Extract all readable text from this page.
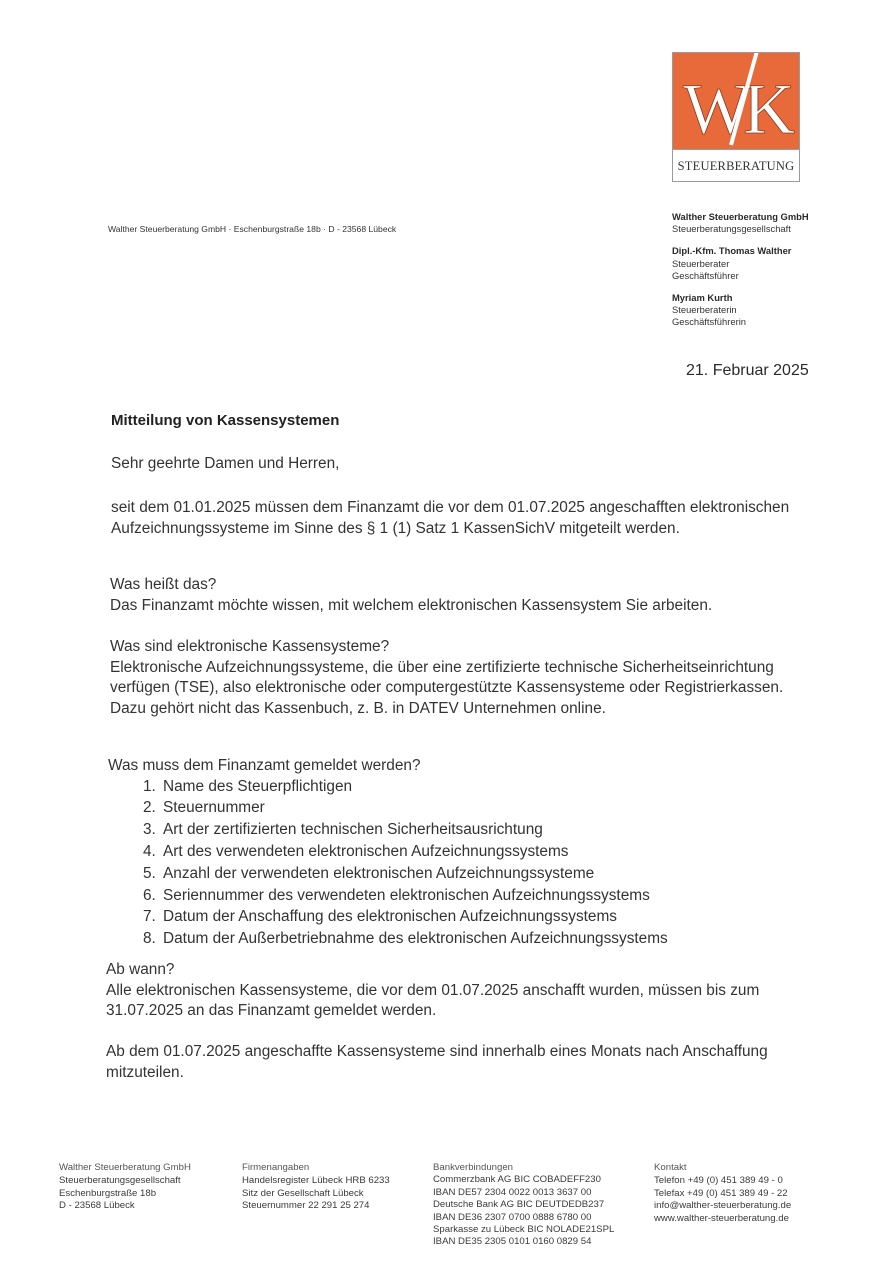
WK
STEUERBERATUNG
Walther Steuerberatung GmbH · Eschenburgstraße 18b · D - 23568 Lübeck
Walther Steuerberatung GmbH
Steuerberatungsgesellschaft
Dipl.-Kfm. Thomas Walther
Steuerberater
Geschäftsführer
Myriam Kurth
Steuerberaterin
Geschäftsführerin
21. Februar 2025
Mitteilung von Kassensystemen
Sehr geehrte Damen und Herren,
seit dem 01.01.2025 müssen dem Finanzamt die vor dem 01.07.2025 angeschafften elektronischen Aufzeichnungssysteme im Sinne des § 1 (1) Satz 1 KassenSichV mitgeteilt werden.
Was heißt das?
Das Finanzamt möchte wissen, mit welchem elektronischen Kassensystem Sie arbeiten.
Was sind elektronische Kassensysteme?
Elektronische Aufzeichnungssysteme, die über eine zertifizierte technische Sicherheitseinrichtung verfügen (TSE), also elektronische oder computergestützte Kassensysteme oder Registrierkassen. Dazu gehört nicht das Kassenbuch, z. B. in DATEV Unternehmen online.
Was muss dem Finanzamt gemeldet werden?
1. Name des Steuerpflichtigen
2. Steuernummer
3. Art der zertifizierten technischen Sicherheitsausrichtung
4. Art des verwendeten elektronischen Aufzeichnungssystems
5. Anzahl der verwendeten elektronischen Aufzeichnungssysteme
6. Seriennummer des verwendeten elektronischen Aufzeichnungssystems
7. Datum der Anschaffung des elektronischen Aufzeichnungssystems
8. Datum der Außerbetriebnahme des elektronischen Aufzeichnungssystems
Ab wann?
Alle elektronischen Kassensysteme, die vor dem 01.07.2025 anschafft wurden, müssen bis zum 31.07.2025 an das Finanzamt gemeldet werden.
Ab dem 01.07.2025 angeschaffte Kassensysteme sind innerhalb eines Monats nach Anschaffung mitzuteilen.
Walther Steuerberatung GmbH
Steuerberatungsgesellschaft
Eschenburgstraße 18b
D - 23568 Lübeck
Firmenangaben
Handelsregister Lübeck HRB 6233
Sitz der Gesellschaft Lübeck
Steuernummer 22 291 25 274
Bankverbindungen
Commerzbank AG BIC COBADEFF230
IBAN DE57 2304 0022 0013 3637 00
Deutsche Bank AG BIC DEUTDEDB237
IBAN DE36 2307 0700 0888 6780 00
Sparkasse zu Lübeck BIC NOLADE21SPL
IBAN DE35 2305 0101 0160 0829 54
Kontakt
Telefon +49 (0) 451 389 49 - 0
Telefax +49 (0) 451 389 49 - 22
info@walther-steuerberatung.de
www.walther-steuerberatung.de
